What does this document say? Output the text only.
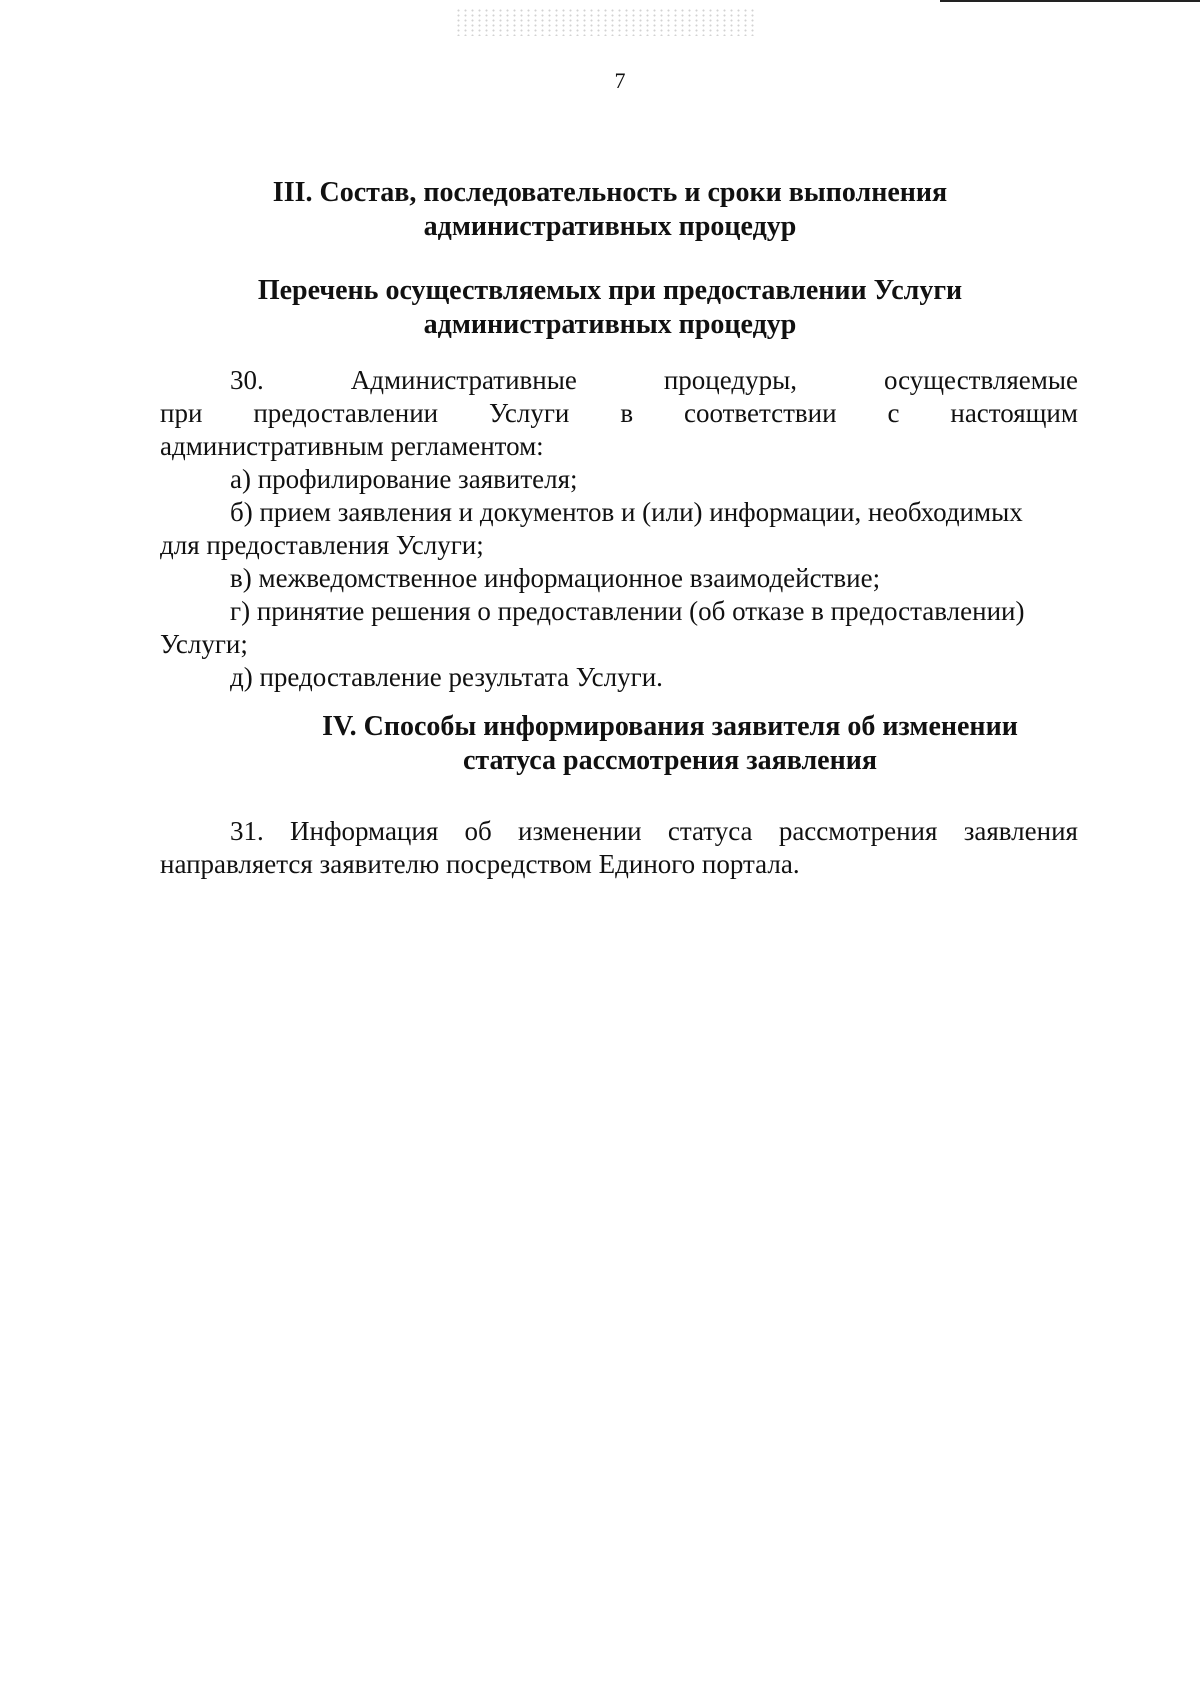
7
III. Состав, последовательность и сроки выполнения
административных процедур
Перечень осуществляемых при предоставлении Услуги
административных процедур
30.	Административные	процедуры,	осуществляемые
при предоставлении Услуги в соответствии с настоящим
административным регламентом:
а) профилирование заявителя;
б) прием заявления и документов и (или) информации, необходимых
для предоставления Услуги;
в) межведомственное информационное взаимодействие;
г) принятие решения о предоставлении (об отказе в предоставлении)
Услуги;
д) предоставление результата Услуги.
IV. Способы информирования заявителя об изменении
статуса рассмотрения заявления
31. Информация об изменении статуса рассмотрения заявления
направляется заявителю посредством Единого портала.
